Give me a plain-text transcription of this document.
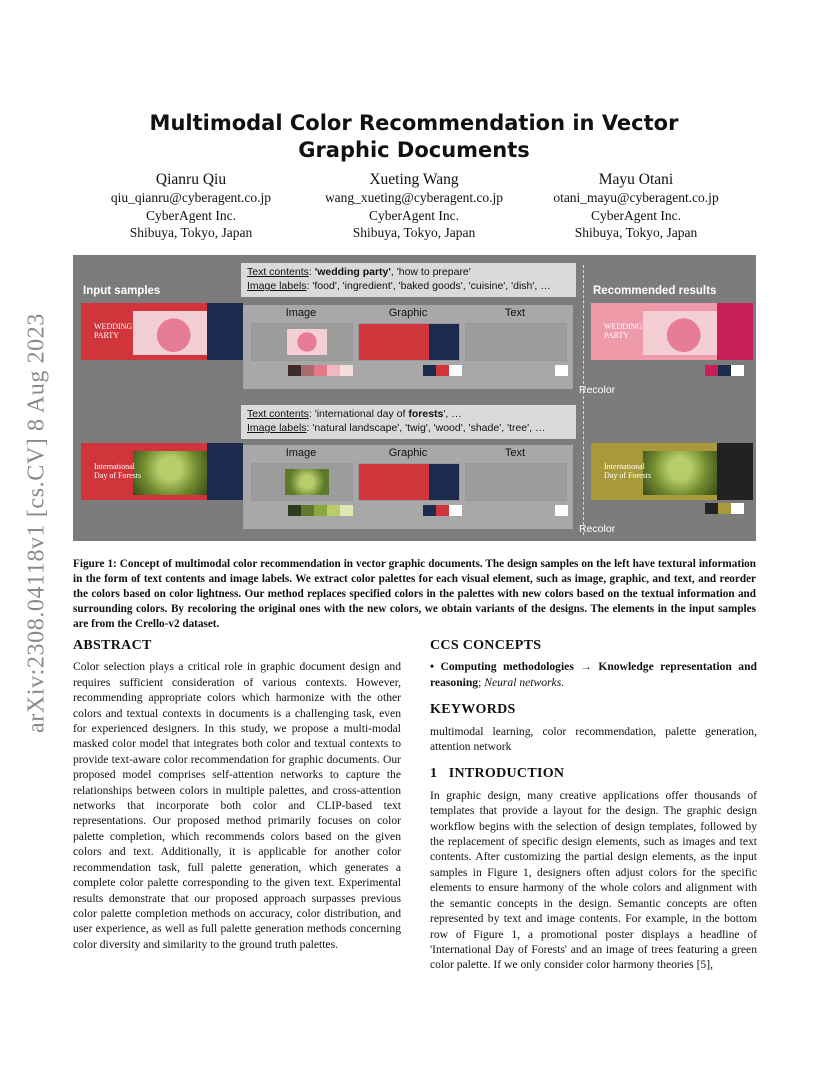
arXiv:2308.04118v1 [cs.CV] 8 Aug 2023
Multimodal Color Recommendation in Vector Graphic Documents
Qianru Qiu
qiu_qianru@cyberagent.co.jp
CyberAgent Inc.
Shibuya, Tokyo, Japan
Xueting Wang
wang_xueting@cyberagent.co.jp
CyberAgent Inc.
Shibuya, Tokyo, Japan
Mayu Otani
otani_mayu@cyberagent.co.jp
CyberAgent Inc.
Shibuya, Tokyo, Japan
Input samples	Recommended results
Text contents: 'wedding party', 'how to prepare'
Image labels: 'food', 'ingredient', 'baked goods', 'cuisine', 'dish', …
WEDDING
PARTY
Image	Graphic	Text
WEDDING
PARTY
Recolor
Text contents: 'international day of forests', …
Image labels: 'natural landscape', 'twig', 'wood', 'shade', 'tree', …
International
Day of Forests
Image	Graphic	Text
International
Day of Forests
Recolor
Figure 1: Concept of multimodal color recommendation in vector graphic documents. The design samples on the left have textural information in the form of text contents and image labels. We extract color palettes for each visual element, such as image, graphic, and text, and reorder the colors based on color lightness. Our method replaces specified colors in the palettes with new colors based on the textual information and surrounding colors. By recoloring the original ones with the new colors, we obtain variants of the designs. The elements in the input samples are from the Crello-v2 dataset.
ABSTRACT
Color selection plays a critical role in graphic document design and requires sufficient consideration of various contexts. However, recommending appropriate colors which harmonize with the other colors and textual contexts in documents is a challenging task, even for experienced designers. In this study, we propose a multi-modal masked color model that integrates both color and textual contexts to provide text-aware color recommendation for graphic documents. Our proposed model comprises self-attention networks to capture the relationships between colors in multiple palettes, and cross-attention networks that incorporate both color and CLIP-based text representations. Our proposed method primarily focuses on color palette completion, which recommends colors based on the given colors and text. Additionally, it is applicable for another color recommendation task, full palette generation, which generates a complete color palette corresponding to the given text. Experimental results demonstrate that our proposed approach surpasses previous color palette completion methods on accuracy, color distribution, and user experience, as well as full palette generation methods concerning color diversity and similarity to the ground truth palettes.
CCS CONCEPTS
• Computing methodologies → Knowledge representation and reasoning; Neural networks.
KEYWORDS
multimodal learning, color recommendation, palette generation, attention network
1 INTRODUCTION
In graphic design, many creative applications offer thousands of templates that provide a layout for the design. The graphic design workflow begins with the selection of design templates, followed by the replacement of specific design elements, such as images and text contents. After customizing the partial design elements, as the input samples in Figure 1, designers often adjust colors for the specific elements to ensure harmony of the whole colors and alignment with the semantic concepts in the design. Semantic concepts are often represented by text and image contents. For example, in the bottom row of Figure 1, a promotional poster displays a headline of 'International Day of Forests' and an image of trees featuring a green color palette. If we only consider color harmony theories [5],
